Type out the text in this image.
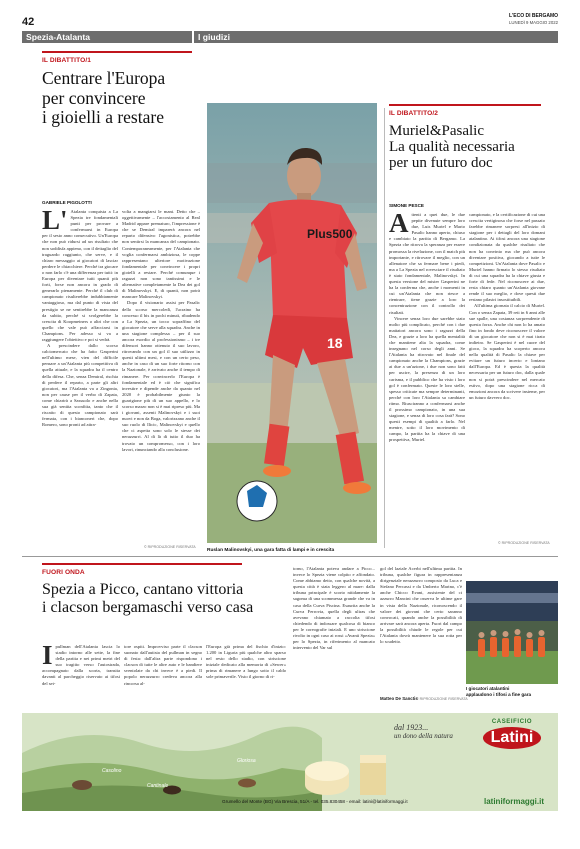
42	L'ECO DI BERGAMO
LUNEDÌ 9 MAGGIO 2022
Spezia-Atalanta	I giudizi
IL DIBATTITO/1
Centrare l'Europa
per convincere
i gioielli a restare
GABRIELE PIGOLOTTI

L' Atalanta conquista a La Spezia tre fondamentali punti per provare a confermarsi in Europa per il sesto anno consecutivo. Un'Europa che non può ridursi ad un risultato che non soddisfa appieno, con il dettaglio del traguardo raggiunto, che serve, e il chiaro messaggio ai giocatori di lasciar perdere le chiacchiere. Perché tra giocare o non farlo c'è una differenza per tutti: in Europa per diventare tutti quanti più forti, forse non ancora in grado di generarlo pienamente. Perché il club di campionato risulterebbe indubbiamente vantaggioso, ma dal punto di vista del prestigio se ne sentirebbe la mancanza da subito, perché si svolgerebbe la crescita di Koopmeiners o altri che con quello che vale può affacciarsi in Champions. Per adesso si va a raggiungere l'obiettivo e poi si vedrà.

A prescindere dallo scorso calciomercato che ha fatto Gasperini nell'ultimo mese, vien del difficile pensare a un'Atalanta più competitiva di quella attuale, e la squadra ha il centro della difesa. Che, senza Demiral, rischia di perdere il reparto, a parte gli altri giocatori, ma l'Atalanta va a Zingonia, non per cause per il verbo di Zapata, come chiarirà a Sassuolo e anche nella sua già sentita sconfitta, tanto che il riscatto di questo campionato sarà fermata, con i bianconeri che, dopo Romero, sono pronti ad attra-

volta a mangiarsi le mani. Detto che – oggettivamente – l'accostamento al Real Madrid appare prematuro, l'impressione è che se Demiral imparerà ancora nel reparto difensivo l'agonistica, potrebbe non sentirsi la mancanza del campionato. Contemporaneamente, per l'Atalanta che voglia confermarsi ambiziosa, le coppe rappresentano ulteriore motivazione fondamentale per convincere i propri gioielli a restare. Perché comunque i ragazzi non sono tantissimi e le alternative completamente la Dea dei gol di Malinovskyi. E, di quanti, non potrà mancare Malinovskyi.

Dopo il visionario assist per Pasalic dello scorso mercoledì, l'ucraino ha concesso il bis in pochi minuti, ribadendo a La Spezia, un tocco sopraffino del giocatore che serve alla squadra. Anche in una stagione complessa – per il suo ancora esordio al professionismo – i tre difensori hanno ottenuto il suo lavoro, ritrovando con un gol il suo utilizzo in questi ultimi mesi, e con un certo peso, anche in caso di un suo forte ritorno con la Nazionale, è arrivato anche il tempo di rimanere. Per convincerlo l'Europa è fondamentale ed è ciò che significa investire e dipende anche da quanto nel 2020 è probabilmente giunto la guarigione più di un suo appello, e lo scorso marzo non si è mai ripreso più. Ma i giovani, assenti Malinovskyi e i suoi nuovi e non da Boga, valorizzano anche il suo ruolo di Ilicic, Malinovskyi e quello che ci aspetta sono solo le stesse dei nerazzurri. Al di là di tutto il duo ha trovato un compromesso, con i loro lavori, rinunciando alla conclusione.

© RIPRODUZIONE RISERVATA
Plus500
18
Ruslan Malinovskyi, una gara fatta di lampi e in crescita
IL DIBATTITO/2
Muriel&Pasalic
La qualità necessaria
per un futuro doc
SIMONE PESCE

Attenti a quei due, le due pepite divenute sempre loro due, Luis Muriel e Mario Pasalic hanno aperto, chiuso e cambiato la partita di Bergamo. La Spezia che ritrova la speranza per essere promossa la rivelazione, con il match più importante, e ritrovare il meglio, con un allenatore che sa fermare bene i piedi, ma a La Spezia nel rovesciare il risultato è stato fondamentale, Malinovskyi. In questa versione del mister Gasperini ne ha la conferma che, anche i momenti in cui un'Atalanta che non riesce a rientrare, tiene grazie a loro la concentrazione con il controllo dei risultati.

Vincere senza loro due sarebbe stato molto più complicato, perché con i due mattatori ancora sono i ragazzi della Dea, e grazie a loro ha quella mentalità che mantiene alta la squadra, come insegnano nel corso degli anni. Se l'Atalanta ha ritrovato nel finale del campionato anche la Champions, grazie ai due a un'azione, i due non sono fatti per uscire, la presenza di un loro carisma, e il pubblico che ha visto i loro gol è confermato. Queste le loro stelle, spesso criticate ma sempre determinanti, perché con loro l'Atalanta sa cambiare ritmo. Riusciranno a confermarsi anche il prossimo campionato, in una sua stagione, e senza di loro cosa farà? Sono questi esempi di qualità a farlo. Nel mentre, sotto il loro movimento di campo, la partita ha la chiave di una prospettiva, Muriel.

campionato, e la certificazione di cui una crescita vertiginosa che forse nel passato farebbe rimanere sorpresi all'inizio di stagione per i dettagli del loro domani atalantino. Ai tifosi ancora una stagione condizionata da qualche risultato che non ha convinto ma che può ancora diventare positiva, giocando a tutte le competizioni. Un'Atalanta dove Pasalic e Muriel hanno firmato lo stesso risultato di cui una squadra ha la chiave giusta e forte di fede. Nel riconoscere ai due, resta chiaro quanto un'Atalanta giovane rende il suo meglio, e dove questi due restano pilastri insostituibili.

All'ultima giornata il calcio di Muriel. Con o senza Zapata, 39 reti in 6 anni alle sue spalle, una costanza sorprendente di questa forza. Anche chi non lo ha amato fino in fondo deve riconoscere il valore di un giocatore che non si è mai tirato indietro. Se Gasperini è nel cuore del gioco, la squadra ha scoperto ancora nella qualità di Pasalic la chiave per evitare un futuro incerto e lontano dall'Europa. Ed è questa la qualità necessaria per un futuro doc, dalla quale non si potrà prescindere nel mercato estivo, dopo una stagione ricca di emozioni ancora da scrivere insieme, per un futuro davvero doc.

© RIPRODUZIONE RISERVATA
FUORI ONDA
Spezia a Picco, cantano vittoria
i clacson bergamaschi verso casa

Ipullman dell'Atalanta lascia lo stadio intorno alle sette, la fine della partita e nei primi metri del suo tragitto verso l'autostrada, accompagnato dalla scorta, transita davanti al parcheggio riservato ai tifosi del set-

tore ospiti. Improvviso parte il clacson suonato dall'autista del pullman in segno di festa: dall'altra parte rispondono i clacson di tutte le altre auto e le bandiere sventolate da chi invece è a piedi. Il popolo nerazzurro credeva ancora alla rincorsa al-

l'Europa già prima del fischio d'inizio: 1.200 in Liguria più qualche altro sparso nel resto dello stadio, con striscione iniziale dedicato alla memoria di «Sewer» prima di rimanere a lungo sotto il caldo sole primaverile. Visto il giorno di ri-

torno, l'Atalanta poteva andare a Picco... invece lo Spezia viene colpito e affondato. Come abbiamo detto, con qualche novità, a questa città è stata leggero al mare: dalla tribuna principale è scorto nitidamente la sagoma di una scommessa grande che va in casa della Curva Piscina. Esaurita anche la Curva Ferrovia, quella degli ultras che avevano chiamato a raccolta tifosi chiedendo di indossare qualcosa di bianco per le coreografie iniziali. E uno striscione rivolto in ogni caso ai rossi «Avanti Spezia» per lo Spezia, in riferimento al mancato intervento del Var sul

gol del laziale Acerbi nell'ultima partita. In tribuna, qualche figura in rappresentanza dirigenziale nerazzurro composto da Luca e Stefano Percassi e da Umberto Marino, c'è anche Chicco Evani, assistente del ct azzurro Mancini che osserva le ultime gare in vista della Nazionale, riconoscendo il valore dei giovani che certo saranno convocati, quando anche la possibilità di arrivare sarà ancora aperta. Fuori dal campo la possibilità chiude le regole per cui l'Atalanta dovrà mantenere la sua rotta per lo scudetto.

Matteo De Sanctis
© RIPRODUZIONE RISERVATA
I giocatori atalantini
applaudono i tifosi a fine gara
Casolino
Cantinale
Gloriosa
dal 1923...
un dono della natura
CASEIFICIO
Latini
Grumello del Monte (BG) Via Brescia, 51/A - tel. 035.830458 - email: latini@latiniformaggi.it	latiniformaggi.it
